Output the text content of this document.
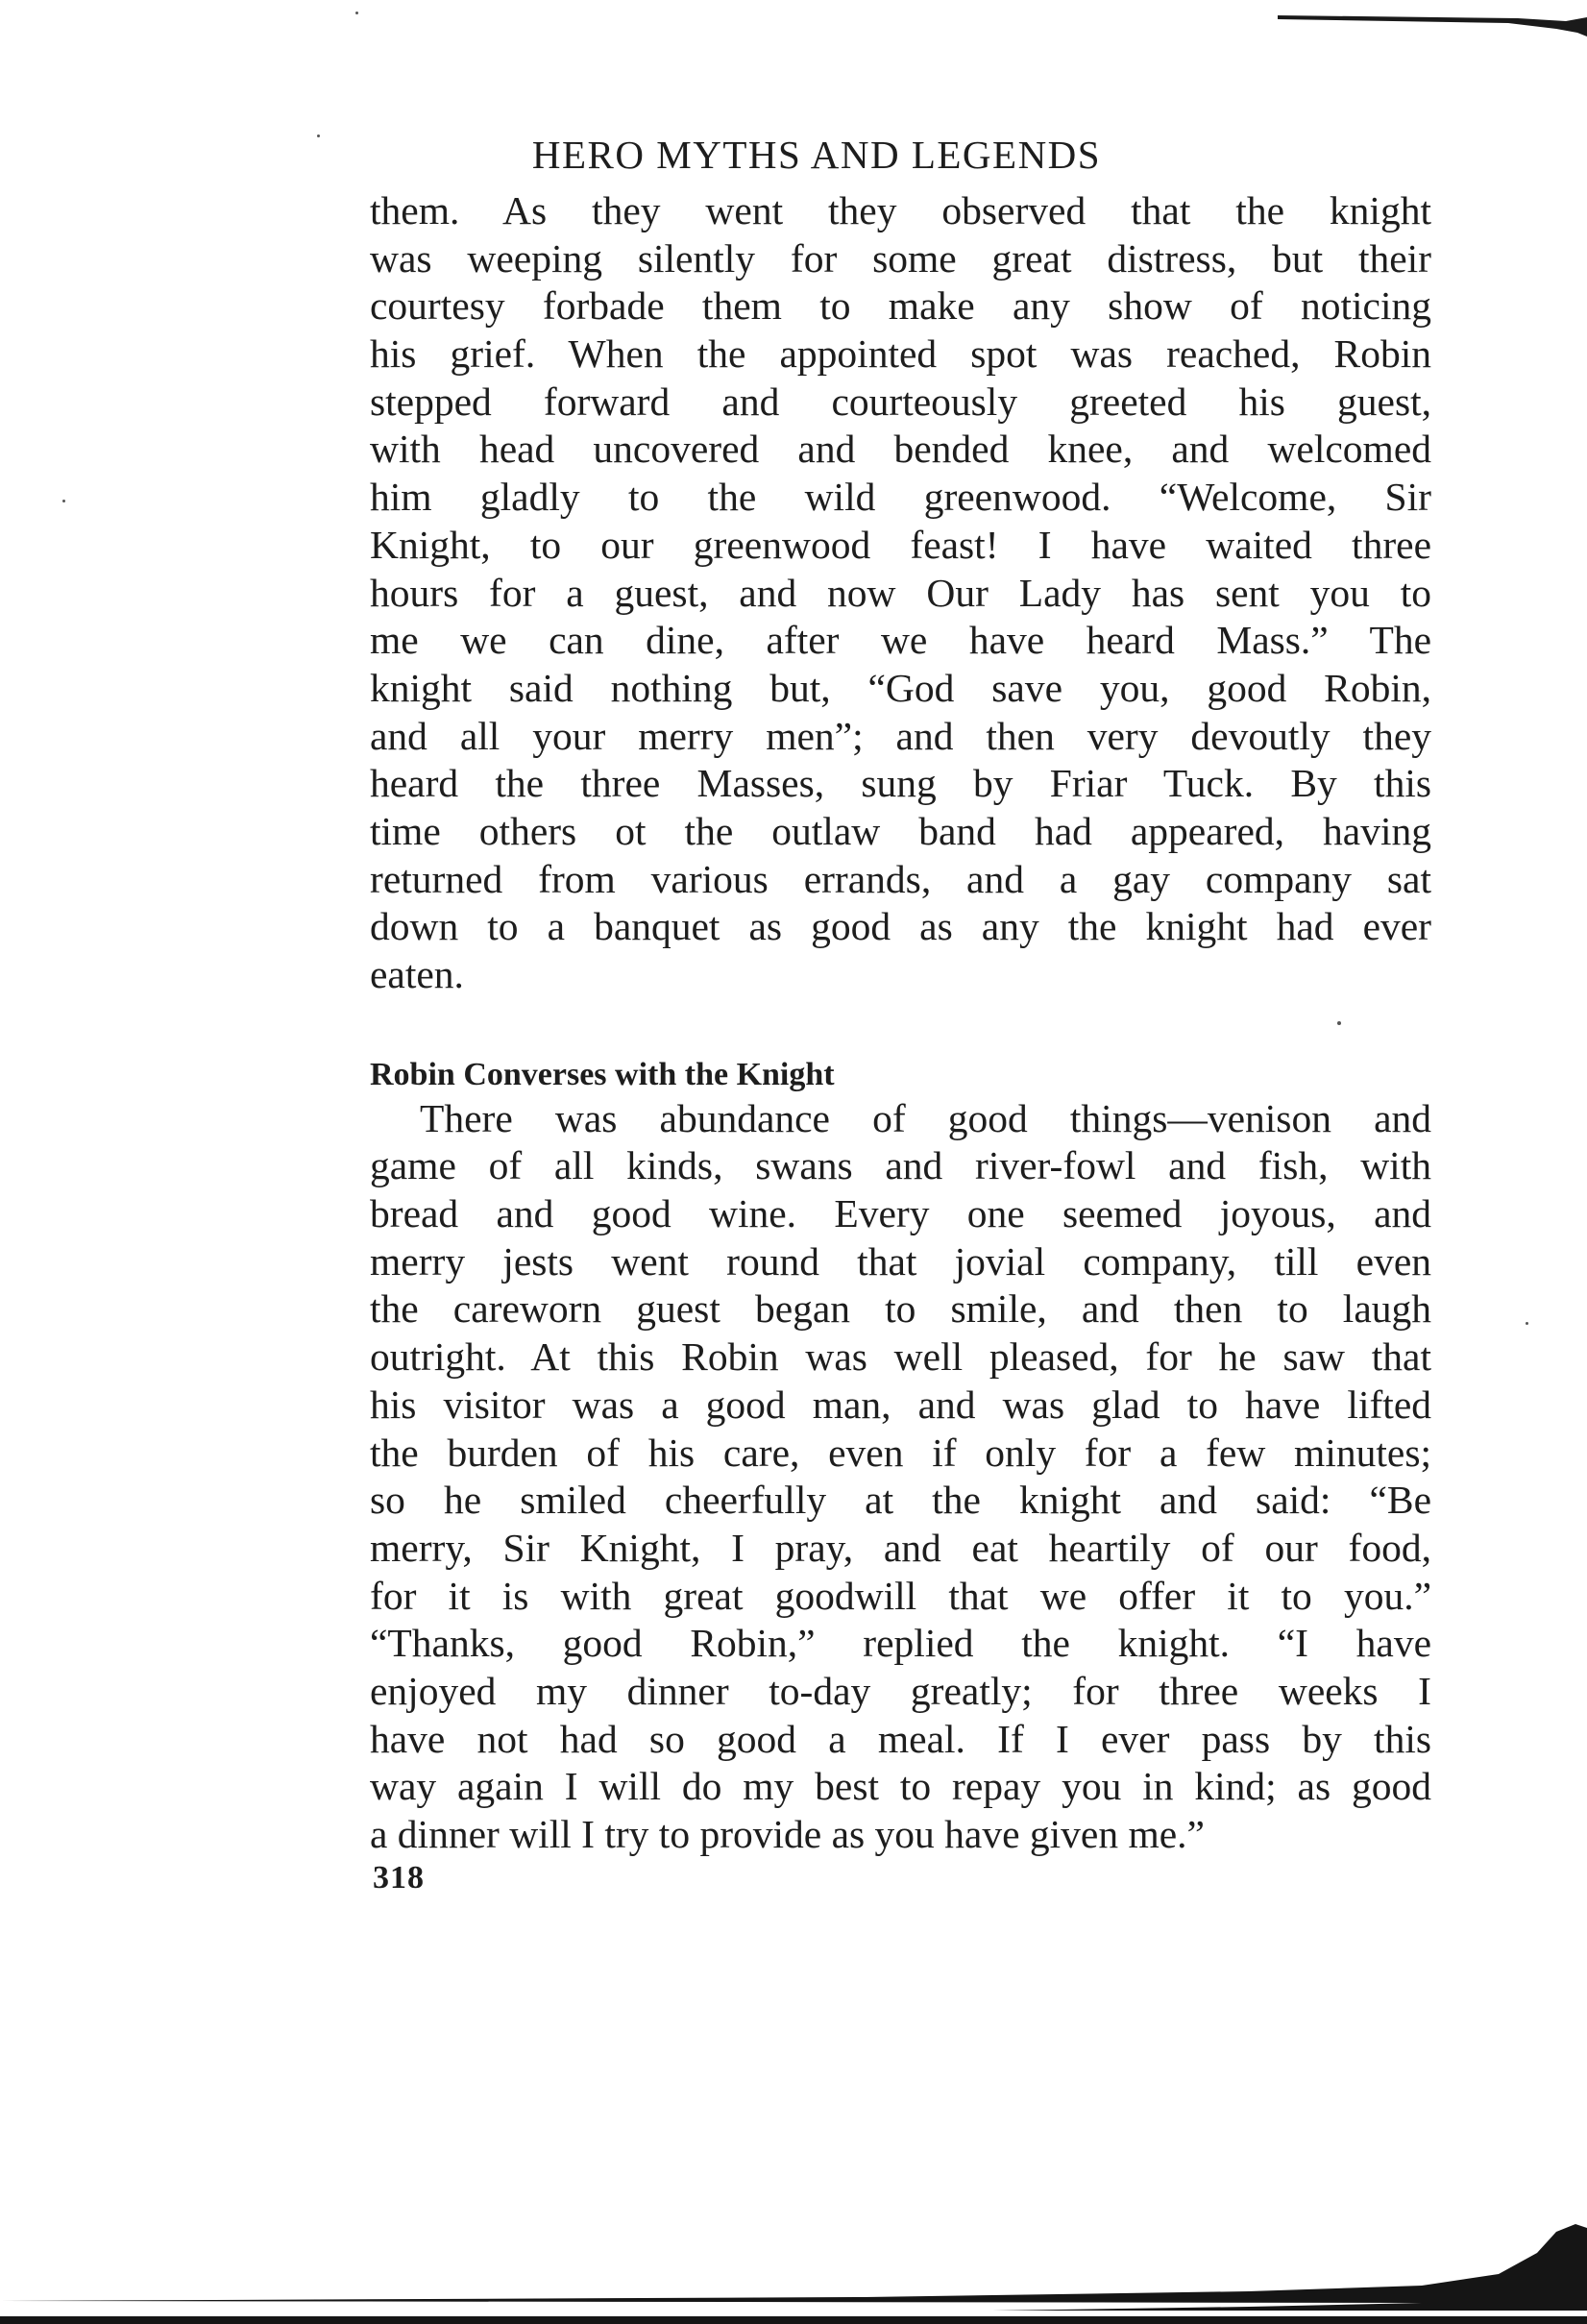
HERO MYTHS AND LEGENDS
them. As they went they observed that the knight
was weeping silently for some great distress, but their
courtesy forbade them to make any show of noticing
his grief. When the appointed spot was reached, Robin
stepped forward and courteously greeted his guest,
with head uncovered and bended knee, and welcomed
him gladly to the wild greenwood. “Welcome, Sir
Knight, to our greenwood feast! I have waited three
hours for a guest, and now Our Lady has sent you to
me we can dine, after we have heard Mass.” The
knight said nothing but, “God save you, good Robin,
and all your merry men”; and then very devoutly they
heard the three Masses, sung by Friar Tuck. By this
time others ot the outlaw band had appeared, having
returned from various errands, and a gay company sat
down to a banquet as good as any the knight had ever
eaten.
Robin Converses with the Knight
There was abundance of good things—venison and
game of all kinds, swans and river-fowl and fish, with
bread and good wine. Every one seemed joyous, and
merry jests went round that jovial company, till even
the careworn guest began to smile, and then to laugh
outright. At this Robin was well pleased, for he saw that
his visitor was a good man, and was glad to have lifted
the burden of his care, even if only for a few minutes;
so he smiled cheerfully at the knight and said: “Be
merry, Sir Knight, I pray, and eat heartily of our food,
for it is with great goodwill that we offer it to you.”
“Thanks, good Robin,” replied the knight. “I have
enjoyed my dinner to-day greatly; for three weeks I
have not had so good a meal. If I ever pass by this
way again I will do my best to repay you in kind; as good
a dinner will I try to provide as you have given me.”
318
